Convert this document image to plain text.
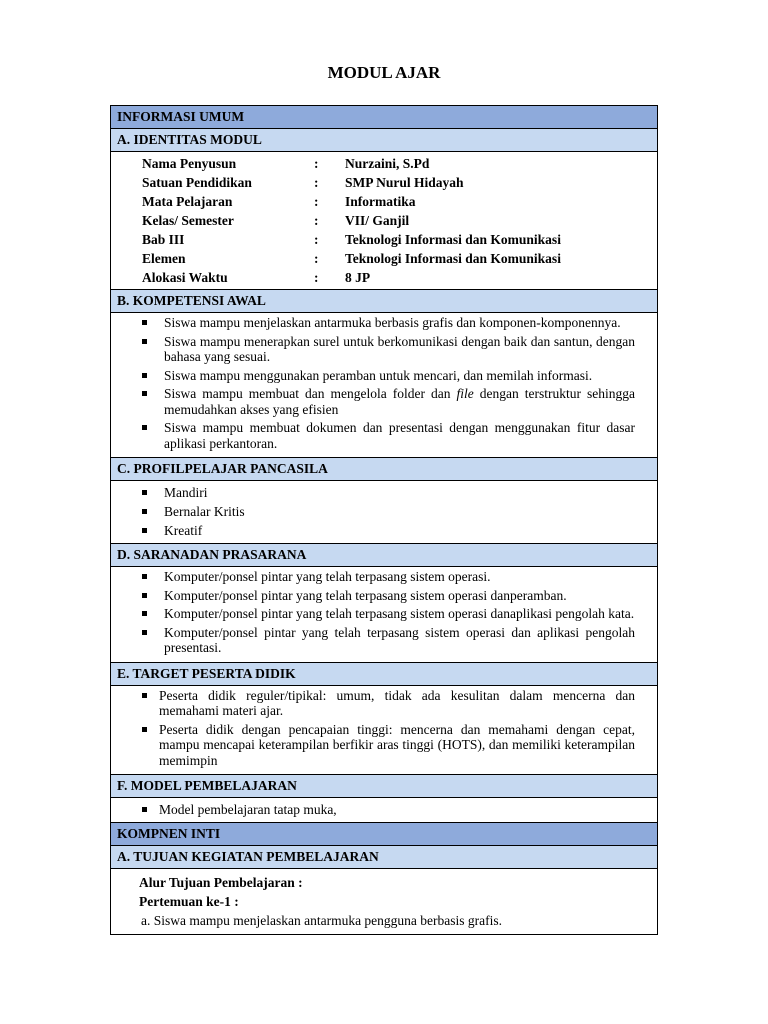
MODUL AJAR
INFORMASI UMUM
A. IDENTITAS MODUL
Nama Penyusun	:	Nurzaini, S.Pd
Satuan Pendidikan	:	SMP Nurul Hidayah
Mata Pelajaran	:	Informatika
Kelas/ Semester	:	VII/ Ganjil
Bab III	:	Teknologi Informasi dan Komunikasi
Elemen	:	Teknologi Informasi dan Komunikasi
Alokasi Waktu	:	8 JP
B. KOMPETENSI AWAL
Siswa mampu menjelaskan antarmuka berbasis grafis dan komponen-komponennya.
Siswa mampu menerapkan surel untuk berkomunikasi dengan baik dan santun, dengan bahasa yang sesuai.
Siswa mampu menggunakan peramban untuk mencari, dan memilah informasi.
Siswa mampu membuat dan mengelola folder dan file dengan terstruktur sehingga memudahkan akses yang efisien
Siswa mampu membuat dokumen dan presentasi dengan menggunakan fitur dasar aplikasi perkantoran.
C. PROFILPELAJAR PANCASILA
Mandiri
Bernalar Kritis
Kreatif
D. SARANADAN PRASARANA
Komputer/ponsel pintar yang telah terpasang sistem operasi.
Komputer/ponsel pintar yang telah terpasang sistem operasi danperamban.
Komputer/ponsel pintar yang telah terpasang sistem operasi danaplikasi pengolah kata.
Komputer/ponsel pintar yang telah terpasang sistem operasi dan aplikasi pengolah presentasi.
E. TARGET PESERTA DIDIK
Peserta didik reguler/tipikal: umum, tidak ada kesulitan dalam mencerna dan memahami materi ajar.
Peserta didik dengan pencapaian tinggi: mencerna dan memahami dengan cepat, mampu mencapai keterampilan berfikir aras tinggi (HOTS), dan memiliki keterampilan memimpin
F. MODEL PEMBELAJARAN
Model pembelajaran tatap muka,
KOMPNEN INTI
A. TUJUAN KEGIATAN PEMBELAJARAN
Alur Tujuan Pembelajaran :
Pertemuan ke-1 :
a. Siswa mampu menjelaskan antarmuka pengguna berbasis grafis.
